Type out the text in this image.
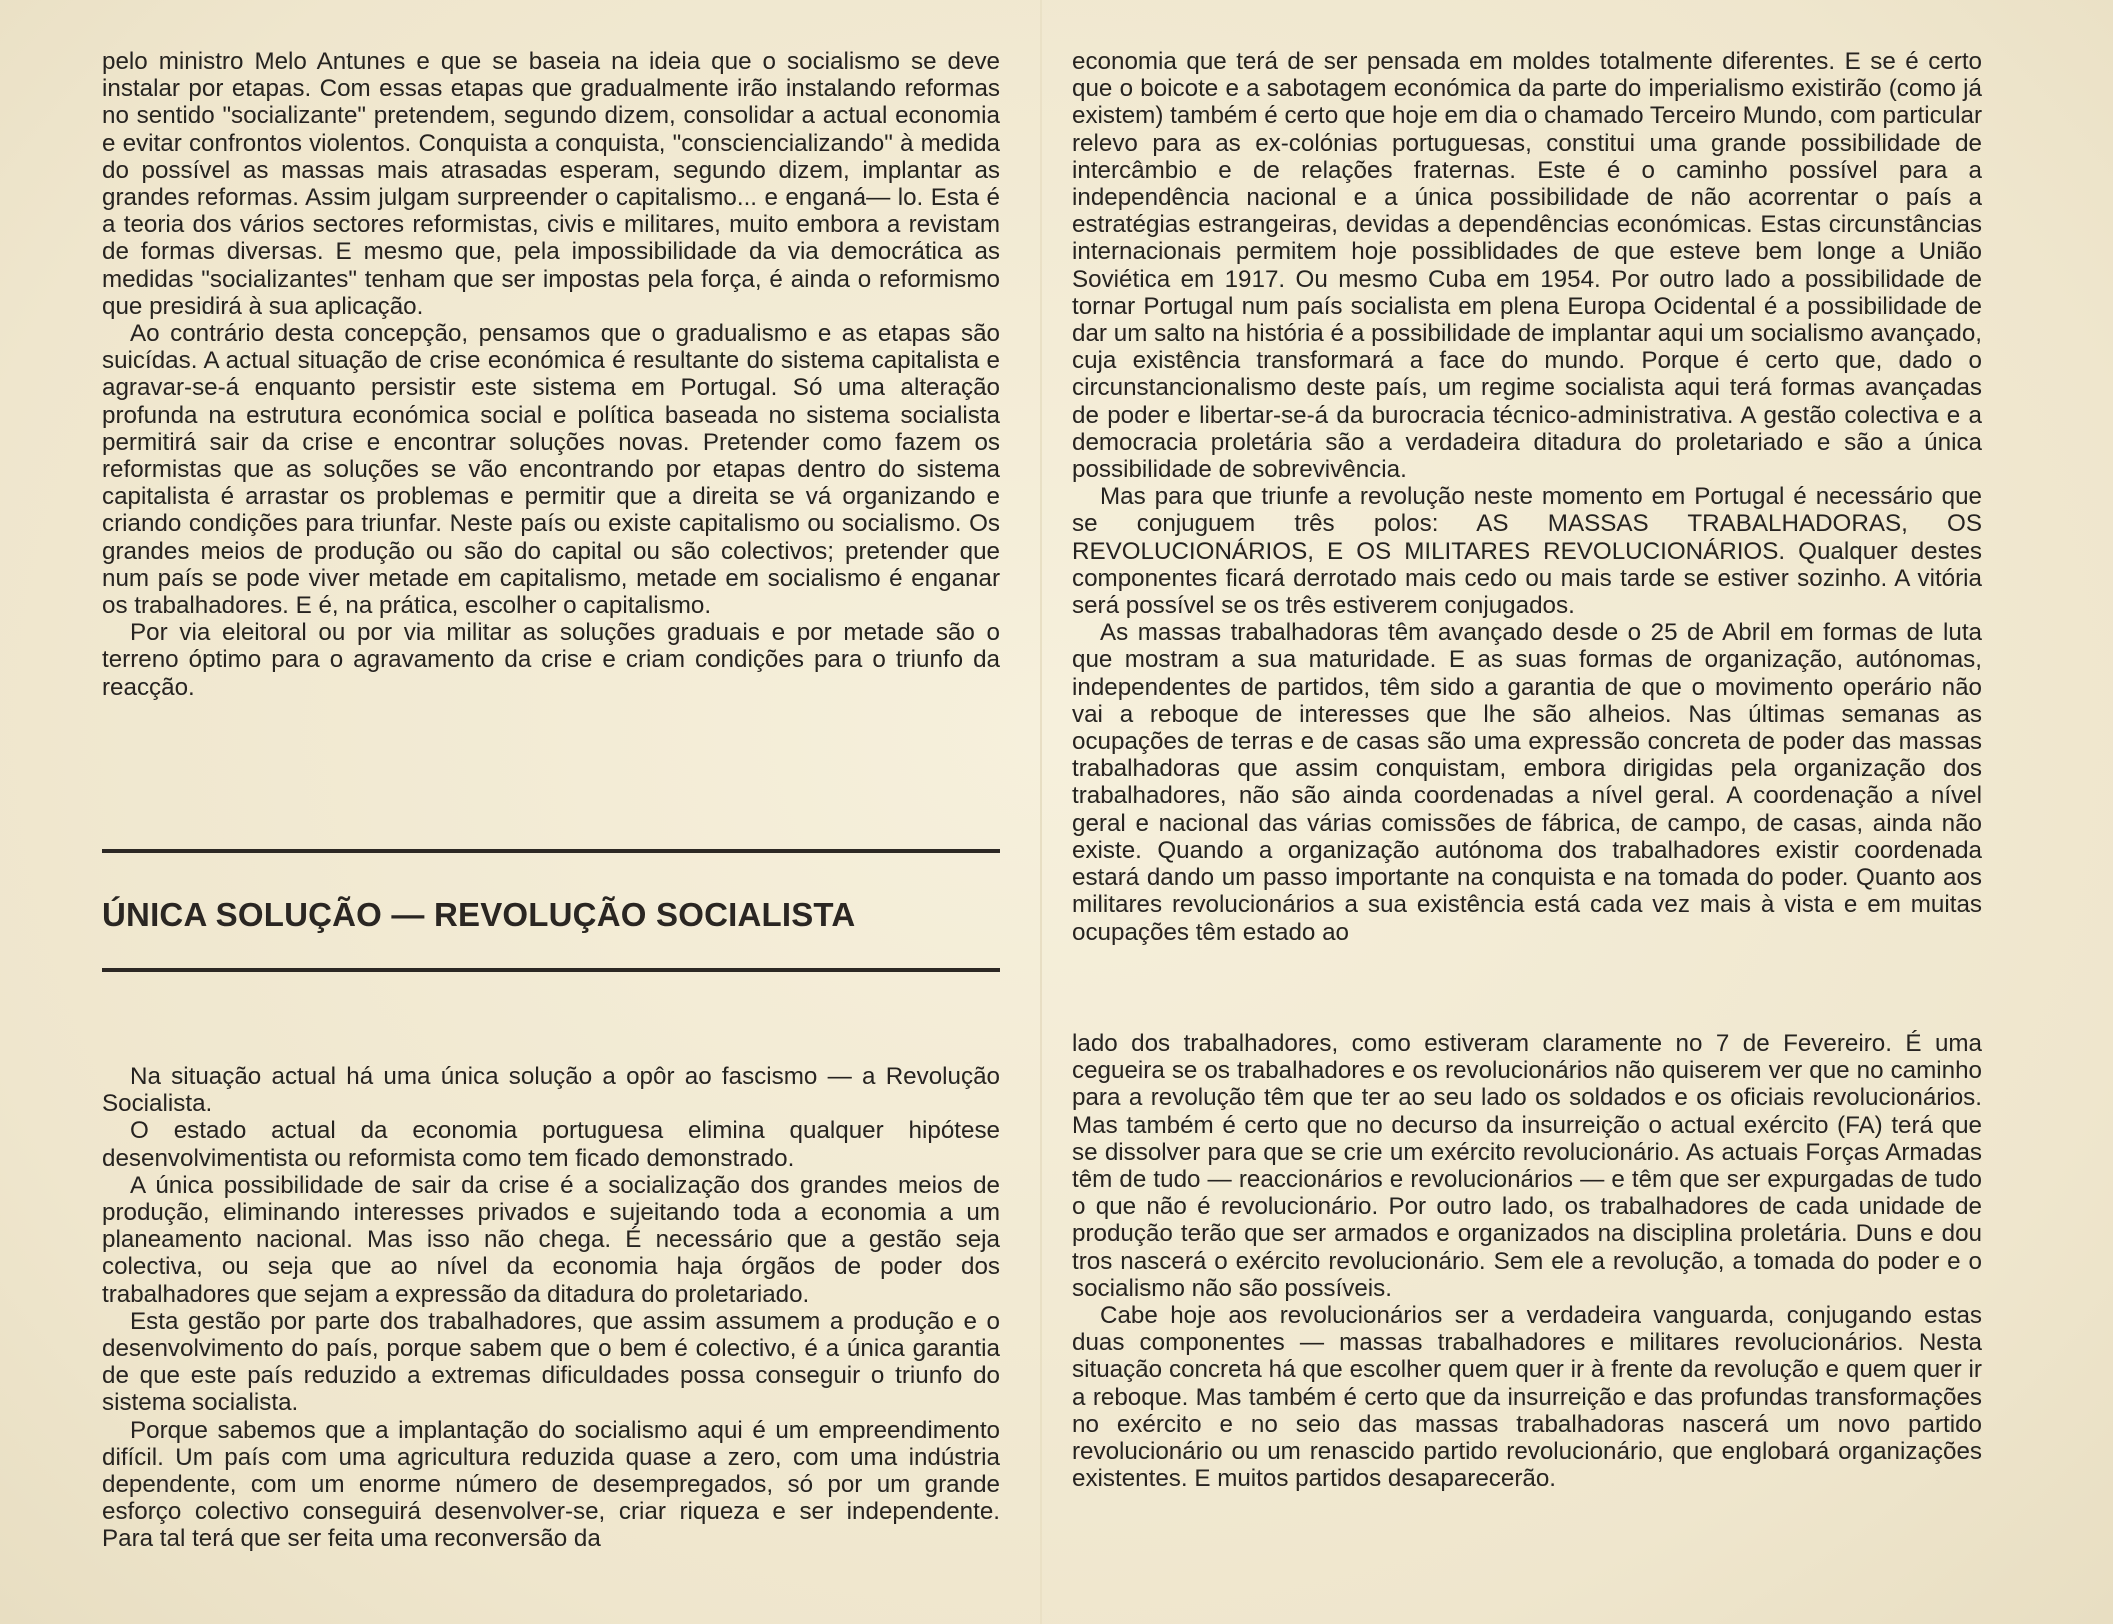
pelo ministro Melo Antunes e que se baseia na ideia que o socialismo se deve instalar por etapas. Com essas etapas que gradualmente irão instalando reformas no sentido "socializante" pretendem, segundo dizem, consolidar a actual economia e evitar confrontos violentos. Conquista a conquista, "consciencializando" à medida do possível as massas mais atrasadas esperam, segundo dizem, implantar as grandes reformas. Assim julgam surpreender o capitalismo... e enganá— lo. Esta é a teoria dos vários sectores reformistas, civis e militares, muito embora a revistam de formas diversas. E mesmo que, pela impossibilidade da via democrática as medidas "socializantes" tenham que ser impostas pela força, é ainda o reformismo que presidirá à sua aplicação.

Ao contrário desta concepção, pensamos que o gradualismo e as etapas são suicídas. A actual situação de crise económica é resultante do sistema capitalista e agravar-se-á enquanto persistir este sistema em Portugal. Só uma alteração profunda na estrutura económica social e política baseada no sistema socialista permitirá sair da crise e encontrar soluções novas. Pretender como fazem os reformistas que as soluções se vão encontrando por etapas dentro do sistema capitalista é arrastar os problemas e permitir que a direita se vá organizando e criando condições para triunfar. Neste país ou existe capitalismo ou socialismo. Os grandes meios de produção ou são do capital ou são colectivos; pretender que num país se pode viver metade em capitalismo, metade em socialismo é enganar os trabalhadores. E é, na prática, escolher o capitalismo.

Por via eleitoral ou por via militar as soluções graduais e por metade são o terreno óptimo para o agravamento da crise e criam condições para o triunfo da reacção.

ÚNICA SOLUÇÃO — REVOLUÇÃO SOCIALISTA

Na situação actual há uma única solução a opôr ao fascismo — a Revolução Socialista.

O estado actual da economia portuguesa elimina qualquer hipótese desenvolvimentista ou reformista como tem ficado demonstrado.

A única possibilidade de sair da crise é a socialização dos grandes meios de produção, eliminando interesses privados e sujeitando toda a economia a um planeamento nacional. Mas isso não chega. É necessário que a gestão seja colectiva, ou seja que ao nível da economia haja órgãos de poder dos trabalhadores que sejam a expressão da ditadura do proletariado.

Esta gestão por parte dos trabalhadores, que assim assumem a produção e o desenvolvimento do país, porque sabem que o bem é colectivo, é a única garantia de que este país reduzido a extremas dificuldades possa conseguir o triunfo do sistema socialista.

Porque sabemos que a implantação do socialismo aqui é um empreendimento difícil. Um país com uma agricultura reduzida quase a zero, com uma indústria dependente, com um enorme número de desempregados, só por um grande esforço colectivo conseguirá desenvolver-se, criar riqueza e ser independente. Para tal terá que ser feita uma reconversão da

economia que terá de ser pensada em moldes totalmente diferentes. E se é certo que o boicote e a sabotagem económica da parte do imperialismo existirão (como já existem) também é certo que hoje em dia o chamado Terceiro Mundo, com particular relevo para as ex-colónias portuguesas, constitui uma grande possibilidade de intercâmbio e de relações fraternas. Este é o caminho possível para a independência nacional e a única possibilidade de não acorrentar o país a estratégias estrangeiras, devidas a dependências económicas. Estas circunstâncias internacionais permitem hoje possiblidades de que esteve bem longe a União Soviética em 1917. Ou mesmo Cuba em 1954. Por outro lado a possibilidade de tornar Portugal num país socialista em plena Europa Ocidental é a possibilidade de dar um salto na história é a possibilidade de implantar aqui um socialismo avançado, cuja existência transformará a face do mundo. Porque é certo que, dado o circunstancionalismo deste país, um regime socialista aqui terá formas avançadas de poder e libertar-se-á da burocracia técnico-administrativa. A gestão colectiva e a democracia proletária são a verdadeira ditadura do proletariado e são a única possibilidade de sobrevivência.

Mas para que triunfe a revolução neste momento em Portugal é necessário que se conjuguem três polos: AS MASSAS TRABALHADORAS, OS REVOLUCIONÁRIOS, E OS MILITARES REVOLUCIONÁRIOS. Qualquer destes componentes ficará derrotado mais cedo ou mais tarde se estiver sozinho. A vitória será possível se os três estiverem conjugados.

As massas trabalhadoras têm avançado desde o 25 de Abril em formas de luta que mostram a sua maturidade. E as suas formas de organização, autónomas, independentes de partidos, têm sido a garantia de que o movimento operário não vai a reboque de interesses que lhe são alheios. Nas últimas semanas as ocupações de terras e de casas são uma expressão concreta de poder das massas trabalhadoras que assim conquistam, embora dirigidas pela organização dos trabalhadores, não são ainda coordenadas a nível geral. A coordenação a nível geral e nacional das várias comissões de fábrica, de campo, de casas, ainda não existe. Quando a organização autónoma dos trabalhadores existir coordenada estará dando um passo importante na conquista e na tomada do poder. Quanto aos militares revolucionários a sua existência está cada vez mais à vista e em muitas ocupações têm estado ao

lado dos trabalhadores, como estiveram claramente no 7 de Fevereiro. É uma cegueira se os trabalhadores e os revolucionários não quiserem ver que no caminho para a revolução têm que ter ao seu lado os soldados e os oficiais revolucionários. Mas também é certo que no decurso da insurreição o actual exército (FA) terá que se dissolver para que se crie um exército revolucionário. As actuais Forças Armadas têm de tudo — reaccionários e revolucionários — e têm que ser expurgadas de tudo o que não é revolucionário. Por outro lado, os trabalhadores de cada unidade de produção terão que ser armados e organizados na disciplina proletária. Duns e dou tros nascerá o exército revolucionário. Sem ele a revolução, a tomada do poder e o socialismo não são possíveis.

Cabe hoje aos revolucionários ser a verdadeira vanguarda, conjugando estas duas componentes — massas trabalhadores e militares revolucionários. Nesta situação concreta há que escolher quem quer ir à frente da revolução e quem quer ir a reboque. Mas também é certo que da insurreição e das profundas transformações no exército e no seio das massas trabalhadoras nascerá um novo partido revolucionário ou um renascido partido revolucionário, que englobará organizações existentes. E muitos partidos desaparecerão.
